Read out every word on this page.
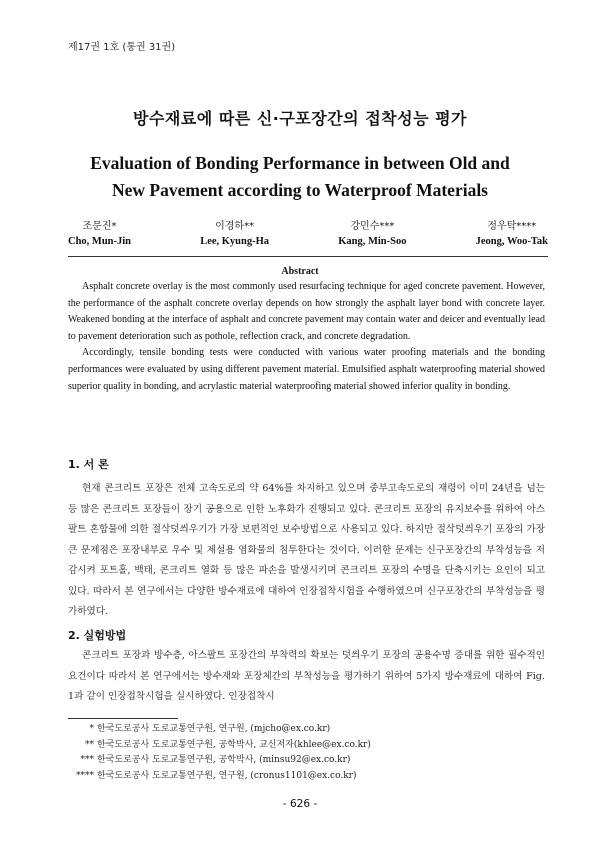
제17권 1호 (통권 31권)
방수재료에 따른 신·구포장간의 접착성능 평가
Evaluation of Bonding Performance in between Old and
New Pavement according to Waterproof Materials
조문진*
Cho, Mun-Jin
이경하**
Lee, Kyung-Ha
강민수***
Kang, Min-Soo
정우탁****
Jeong, Woo-Tak
Abstract

Asphalt concrete overlay is the most commonly used resurfacing technique for aged concrete pavement. However, the performance of the asphalt concrete overlay depends on how strongly the asphalt layer bond with concrete layer. Weakened bonding at the interface of asphalt and concrete pavement may contain water and deicer and eventually lead to pavement deterioration such as pothole, reflection crack, and concrete degradation.

Accordingly, tensile bonding tests were conducted with various water proofing materials and the bonding performances were evaluated by using different pavement material. Emulsified asphalt waterproofing material showed superior quality in bonding, and acrylastic material waterproofing material showed inferior quality in bonding.

1. 서 론

현재 콘크리트 포장은 전체 고속도로의 약 64%를 차지하고 있으며 중부고속도로의 재령이 이미 24년을 넘는 등 많은 콘크리트 포장들이 장기 공용으로 인한 노후화가 진행되고 있다. 콘크리트 포장의 유지보수를 위하여 아스팔트 혼합물에 의한 절삭덧씌우기가 가장 보편적인 보수방법으로 사용되고 있다. 하지만 절삭덧씌우기 포장의 가장 큰 문제점은 포장내부로 우수 및 제설용 염화물의 침투한다는 것이다. 이러한 문제는 신구포장간의 부착성능을 저감시켜 포트홀, 백태, 콘크리트 열화 등 많은 파손을 발생시키며 콘크리트 포장의 수명을 단축시키는 요인이 되고 있다. 따라서 본 연구에서는 다양한 방수재료에 대하여 인장접착시험을 수행하였으며 신구포장간의 부착성능을 평가하였다.

2. 실험방법

콘크리트 포장과 방수층, 아스팔트 포장간의 부착력의 확보는 덧씌우기 포장의 공용수명 증대를 위한 필수적인 요건이다 따라서 본 연구에서는 방수재와 포장체간의 부착성능을 평가하기 위하여 5가지 방수재료에 대하여 Fig. 1과 같이 인장접착시험을 실시하였다. 인장접착시

* 한국도로공사 도로교통연구원, 연구원, (mjcho@ex.co.kr)
** 한국도로공사 도로교통연구원, 공학박사, 교신저자(khlee@ex.co.kr)
*** 한국도로공사 도로교통연구원, 공학박사, (minsu92@ex.co.kr)
**** 한국도로공사 도로교통연구원, 연구원, (cronus1101@ex.co.kr)
- 626 -
